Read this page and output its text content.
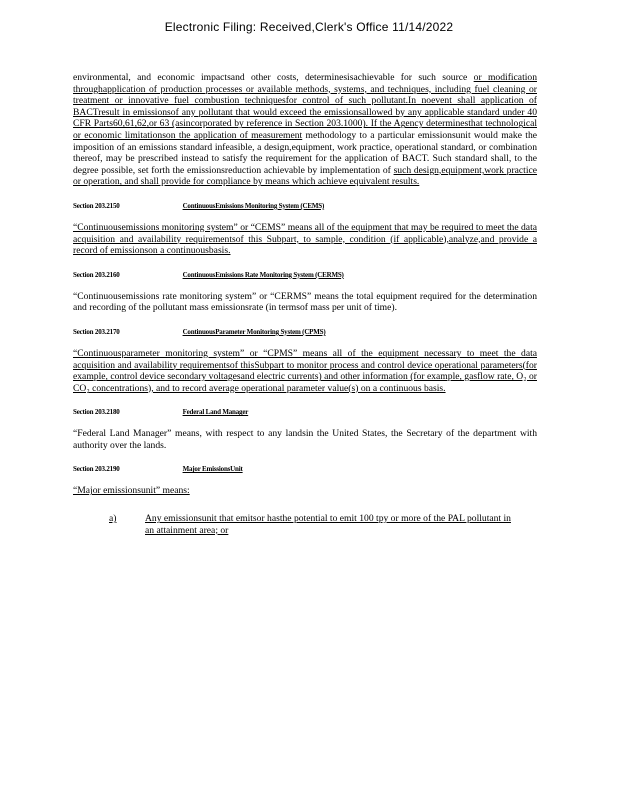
Electronic Filing: Received,Clerk's Office 11/14/2022

environmental, and economic impactsand other costs, determinesisachievable for such source or modification throughapplication of production processes or available methods, systems, and techniques, including fuel cleaning or treatment or innovative fuel combustion techniquesfor control of such pollutant.In noevent shall application of BACTresult in emissionsof any pollutant that would exceed the emissionsallowed by any applicable standard under 40 CFR Parts60,61,62,or 63 (asincorporated by reference in Section 203.1000). If the Agency determinesthat technological or economic limitationson the application of measurement methodology to a particular emissionsunit would make the imposition of an emissions standard infeasible, a design,equipment, work practice, operational standard, or combination thereof, may be prescribed instead to satisfy the requirement for the application of BACT. Such standard shall, to the degree possible, set forth the emissionsreduction achievable by implementation of such design,equipment,work practice or operation, and shall provide for compliance by means which achieve equivalent results.

Section 203.2150	ContinuousEmissions Monitoring System (CEMS)

“Continuousemissions monitoring system” or “CEMS” means all of the equipment that may be required to meet the data acquisition and availability requirementsof this Subpart, to sample, condition (if applicable),analyze,and provide a record of emissionson a continuousbasis.

Section 203.2160	ContinuousEmissions Rate Monitoring System (CERMS)

“Continuousemissions rate monitoring system” or “CERMS” means the total equipment required for the determination and recording of the pollutant mass emissionsrate (in termsof mass per unit of time).

Section 203.2170	ContinuousParameter Monitoring System (CPMS)

“Continuousparameter monitoring system” or “CPMS” means all of the equipment necessary to meet the data acquisition and availability requirementsof thisSubpart to monitor process and control device operational parameters(for example, control device secondary voltagesand electric currents) and other information (for example, gasflow rate, O₂ or CO₂ concentrations), and to record average operational parameter value(s) on a continuous basis.

Section 203.2180	Federal Land Manager

“Federal Land Manager” means, with respect to any landsin the United States, the Secretary of the department with authority over the lands.

Section 203.2190	Major EmissionsUnit

“Major emissionsunit” means:

a)	Any emissionsunit that emitsor hasthe potential to emit 100 tpy or more of the PAL pollutant in an attainment area; or
